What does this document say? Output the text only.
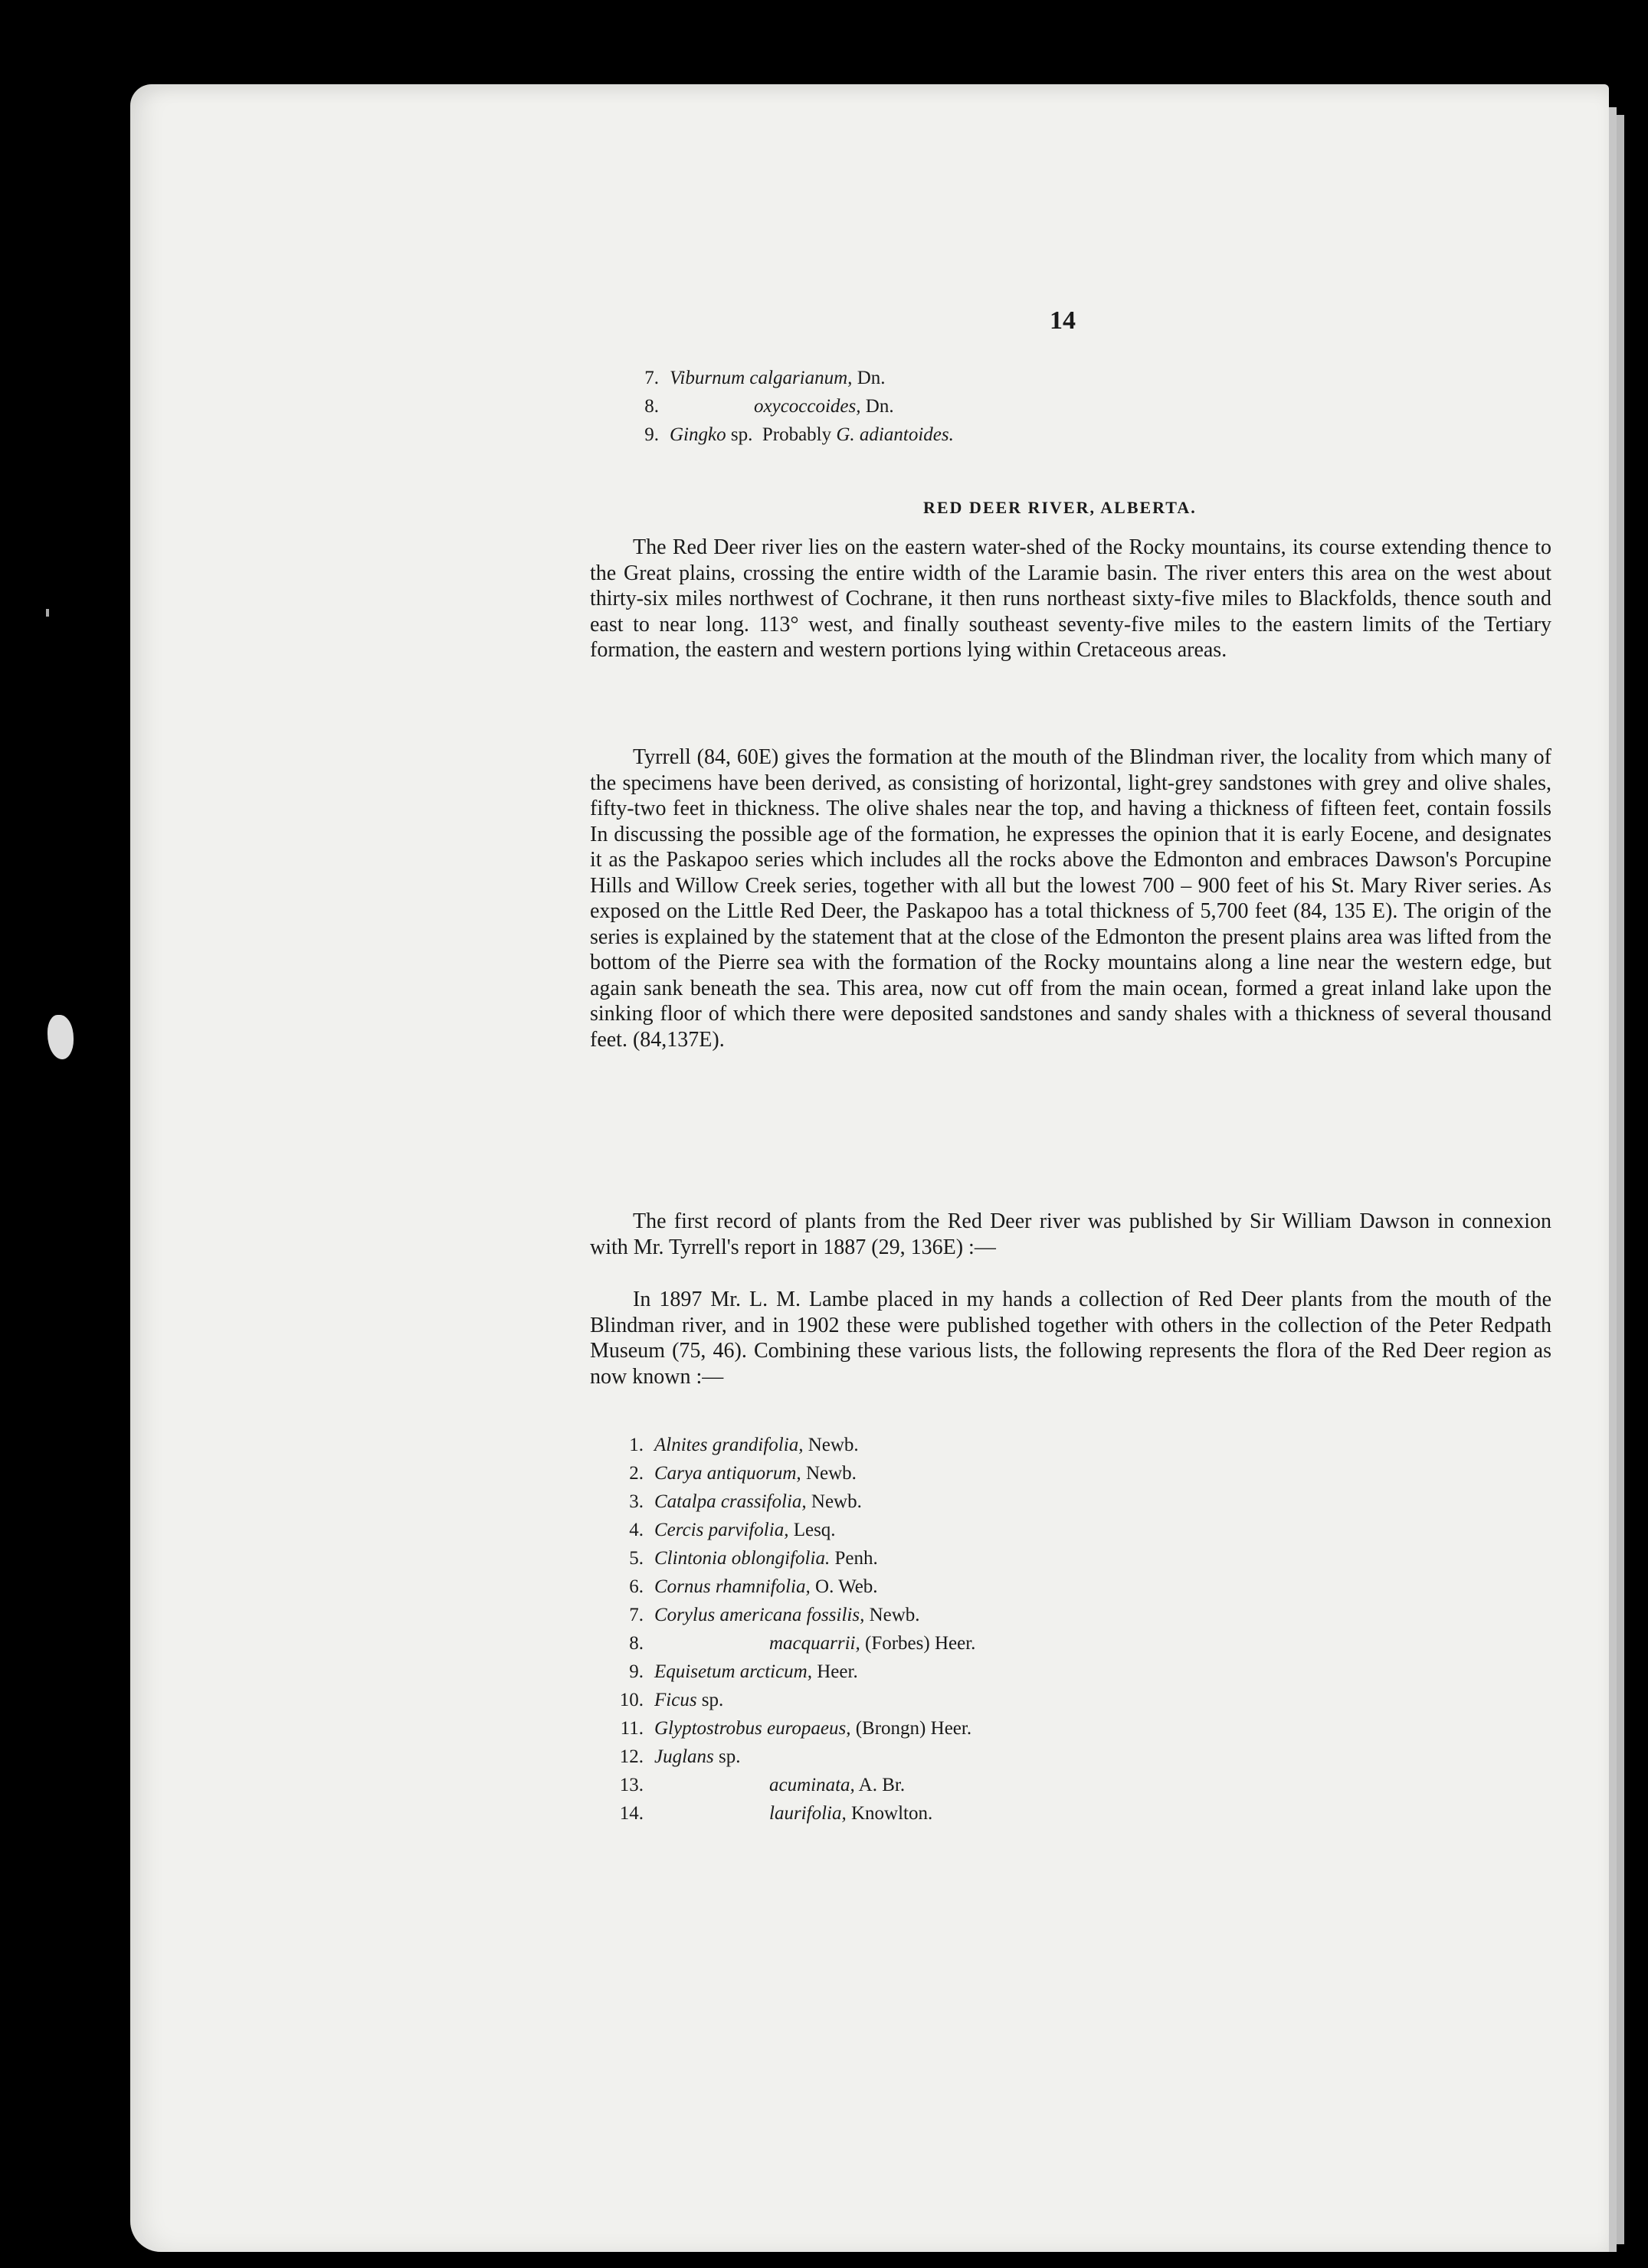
14
7. Viburnum calgarianum, Dn.
8.	oxycoccoides, Dn.
9. Gingko sp. Probably G. adiantoides.
RED DEER RIVER, ALBERTA.

The Red Deer river lies on the eastern water-shed of the Rocky mountains, its course extending thence to the Great plains, crossing the entire width of the Laramie basin. The river enters this area on the west about thirty-six miles northwest of Cochrane, it then runs northeast sixty-five miles to Blackfolds, thence south and east to near long. 113° west, and finally southeast seventy-five miles to the eastern limits of the Tertiary formation, the eastern and western portions lying within Cretaceous areas.

Tyrrell (84, 60E) gives the formation at the mouth of the Blindman river, the locality from which many of the specimens have been derived, as consisting of horizontal, light-grey sandstones with grey and olive shales, fifty-two feet in thickness. The olive shales near the top, and having a thickness of fifteen feet, contain fossils In discussing the possible age of the formation, he expresses the opinion that it is early Eocene, and designates it as the Paskapoo series which includes all the rocks above the Edmonton and embraces Dawson's Porcupine Hills and Willow Creek series, together with all but the lowest 700 – 900 feet of his St. Mary River series. As exposed on the Little Red Deer, the Paskapoo has a total thickness of 5,700 feet (84, 135 E). The origin of the series is explained by the statement that at the close of the Edmonton the present plains area was lifted from the bottom of the Pierre sea with the formation of the Rocky mountains along a line near the western edge, but again sank beneath the sea. This area, now cut off from the main ocean, formed a great inland lake upon the sinking floor of which there were deposited sandstones and sandy shales with a thickness of several thousand feet. (84,137E).

The first record of plants from the Red Deer river was published by Sir William Dawson in connexion with Mr. Tyrrell's report in 1887 (29, 136E) :—

In 1897 Mr. L. M. Lambe placed in my hands a collection of Red Deer plants from the mouth of the Blindman river, and in 1902 these were published together with others in the collection of the Peter Redpath Museum (75, 46). Combining these various lists, the following represents the flora of the Red Deer region as now known :—

1. Alnites grandifolia, Newb.
2. Carya antiquorum, Newb.
3. Catalpa crassifolia, Newb.
4. Cercis parvifolia, Lesq.
5. Clintonia oblongifolia. Penh.
6. Cornus rhamnifolia, O. Web.
7. Corylus americana fossilis, Newb.
8.	macquarrii, (Forbes) Heer.
9. Equisetum arcticum, Heer.
10. Ficus sp.
11. Glyptostrobus europaeus, (Brongn) Heer.
12. Juglans sp.
13.	acuminata, A. Br.
14.	laurifolia, Knowlton.
